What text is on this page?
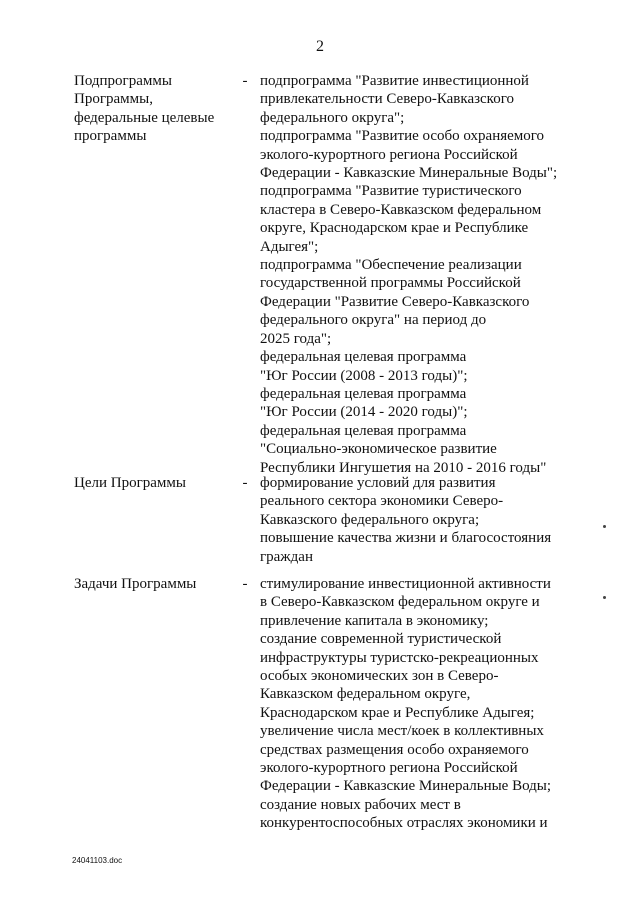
2
Подпрограммы
Программы,
федеральные целевые
программы
- подпрограмма "Развитие инвестиционной
привлекательности Северо-Кавказского
федерального округа";
подпрограмма "Развитие особо охраняемого
эколого-курортного региона Российской
Федерации - Кавказские Минеральные Воды";
подпрограмма "Развитие туристического
кластера в Северо-Кавказском федеральном
округе, Краснодарском крае и Республике
Адыгея";
подпрограмма "Обеспечение реализации
государственной программы Российской
Федерации "Развитие Северо-Кавказского
федерального округа" на период до
2025 года";
федеральная целевая программа
"Юг России (2008 - 2013 годы)";
федеральная целевая программа
"Юг России (2014 - 2020 годы)";
федеральная целевая программа
"Социально-экономическое развитие
Республики Ингушетия на 2010 - 2016 годы"
Цели Программы	- формирование условий для развития
реального сектора экономики Северо-
Кавказского федерального округа;
повышение качества жизни и благосостояния
граждан
Задачи Программы	- стимулирование инвестиционной активности
в Северо-Кавказском федеральном округе и
привлечение капитала в экономику;
создание современной туристической
инфраструктуры туристско-рекреационных
особых экономических зон в Северо-
Кавказском федеральном округе,
Краснодарском крае и Республике Адыгея;
увеличение числа мест/коек в коллективных
средствах размещения особо охраняемого
эколого-курортного региона Российской
Федерации - Кавказские Минеральные Воды;
создание новых рабочих мест в
конкурентоспособных отраслях экономики и
24041103.doc
